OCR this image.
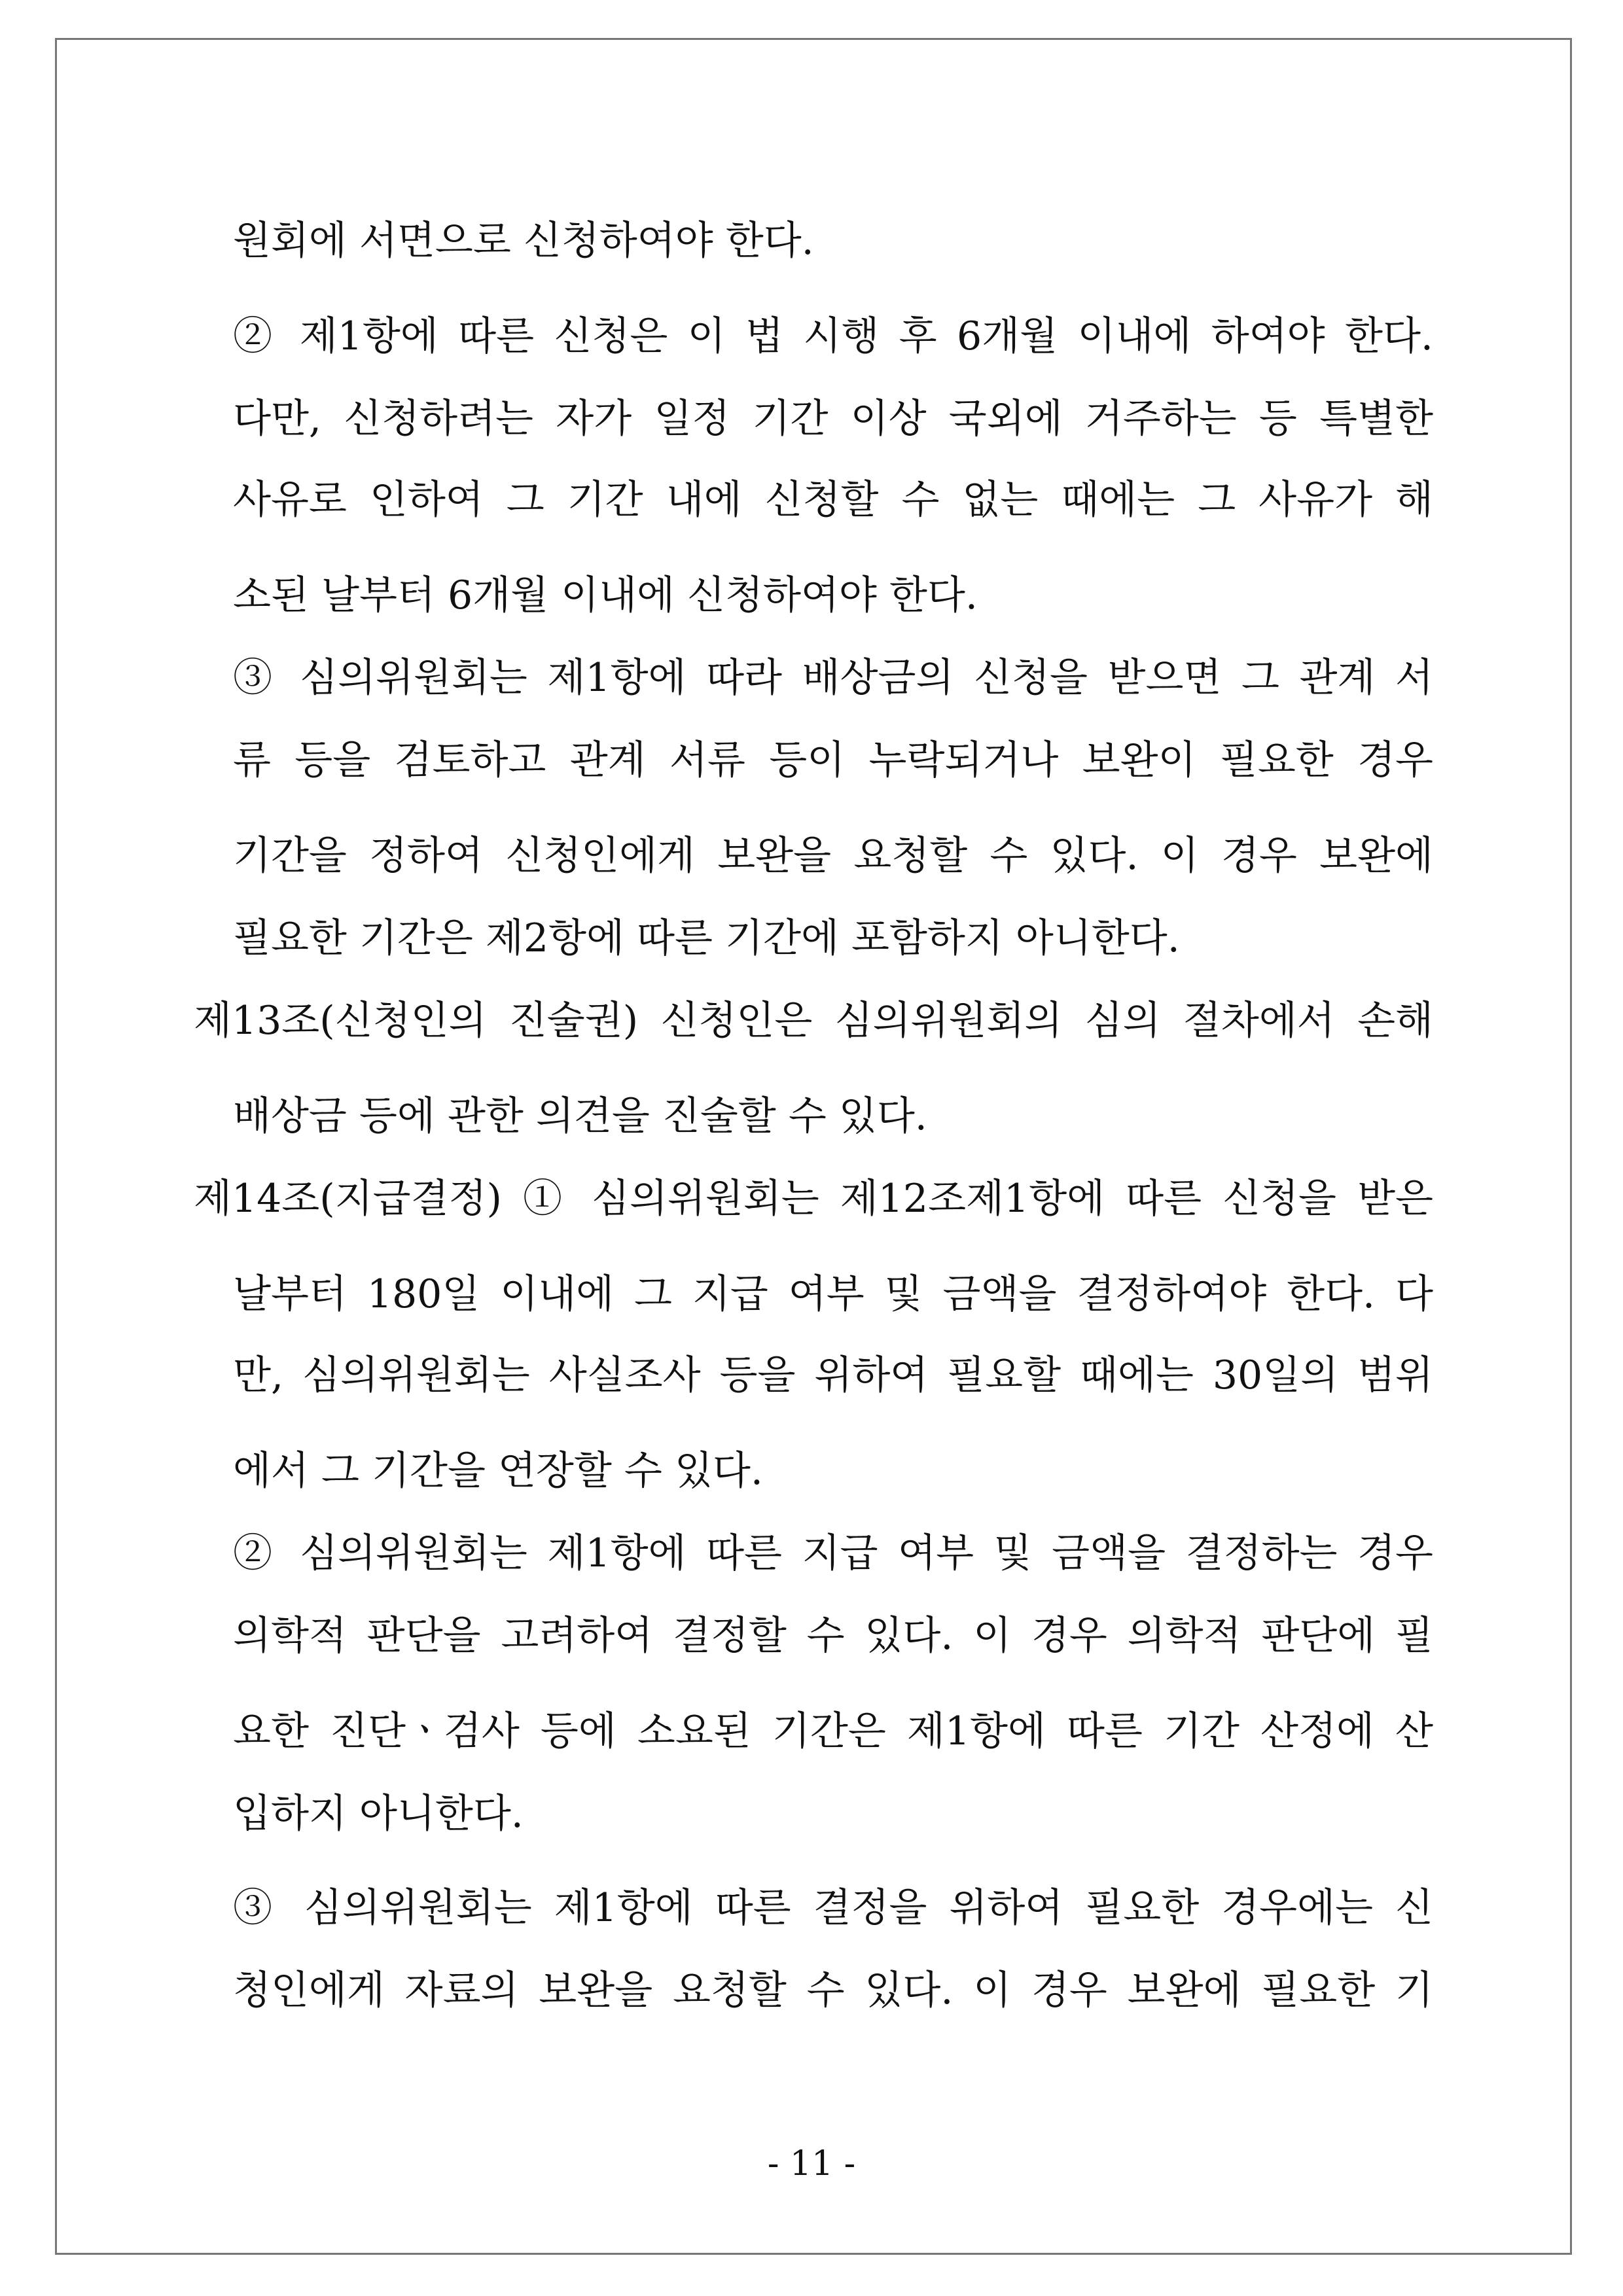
원회에 서면으로 신청하여야 한다.
② 제1항에 따른 신청은 이 법 시행 후 6개월 이내에 하여야 한다.
다만, 신청하려는 자가 일정 기간 이상 국외에 거주하는 등 특별한
사유로 인하여 그 기간 내에 신청할 수 없는 때에는 그 사유가 해
소된 날부터 6개월 이내에 신청하여야 한다.
③ 심의위원회는 제1항에 따라 배상금의 신청을 받으면 그 관계 서
류 등을 검토하고 관계 서류 등이 누락되거나 보완이 필요한 경우
기간을 정하여 신청인에게 보완을 요청할 수 있다. 이 경우 보완에
필요한 기간은 제2항에 따른 기간에 포함하지 아니한다.
제13조(신청인의 진술권) 신청인은 심의위원회의 심의 절차에서 손해
배상금 등에 관한 의견을 진술할 수 있다.
제14조(지급결정) ① 심의위원회는 제12조제1항에 따른 신청을 받은
날부터 180일 이내에 그 지급 여부 및 금액을 결정하여야 한다. 다
만, 심의위원회는 사실조사 등을 위하여 필요할 때에는 30일의 범위
에서 그 기간을 연장할 수 있다.
② 심의위원회는 제1항에 따른 지급 여부 및 금액을 결정하는 경우
의학적 판단을 고려하여 결정할 수 있다. 이 경우 의학적 판단에 필
요한 진단ㆍ검사 등에 소요된 기간은 제1항에 따른 기간 산정에 산
입하지 아니한다.
③ 심의위원회는 제1항에 따른 결정을 위하여 필요한 경우에는 신
청인에게 자료의 보완을 요청할 수 있다. 이 경우 보완에 필요한 기
- 11 -
